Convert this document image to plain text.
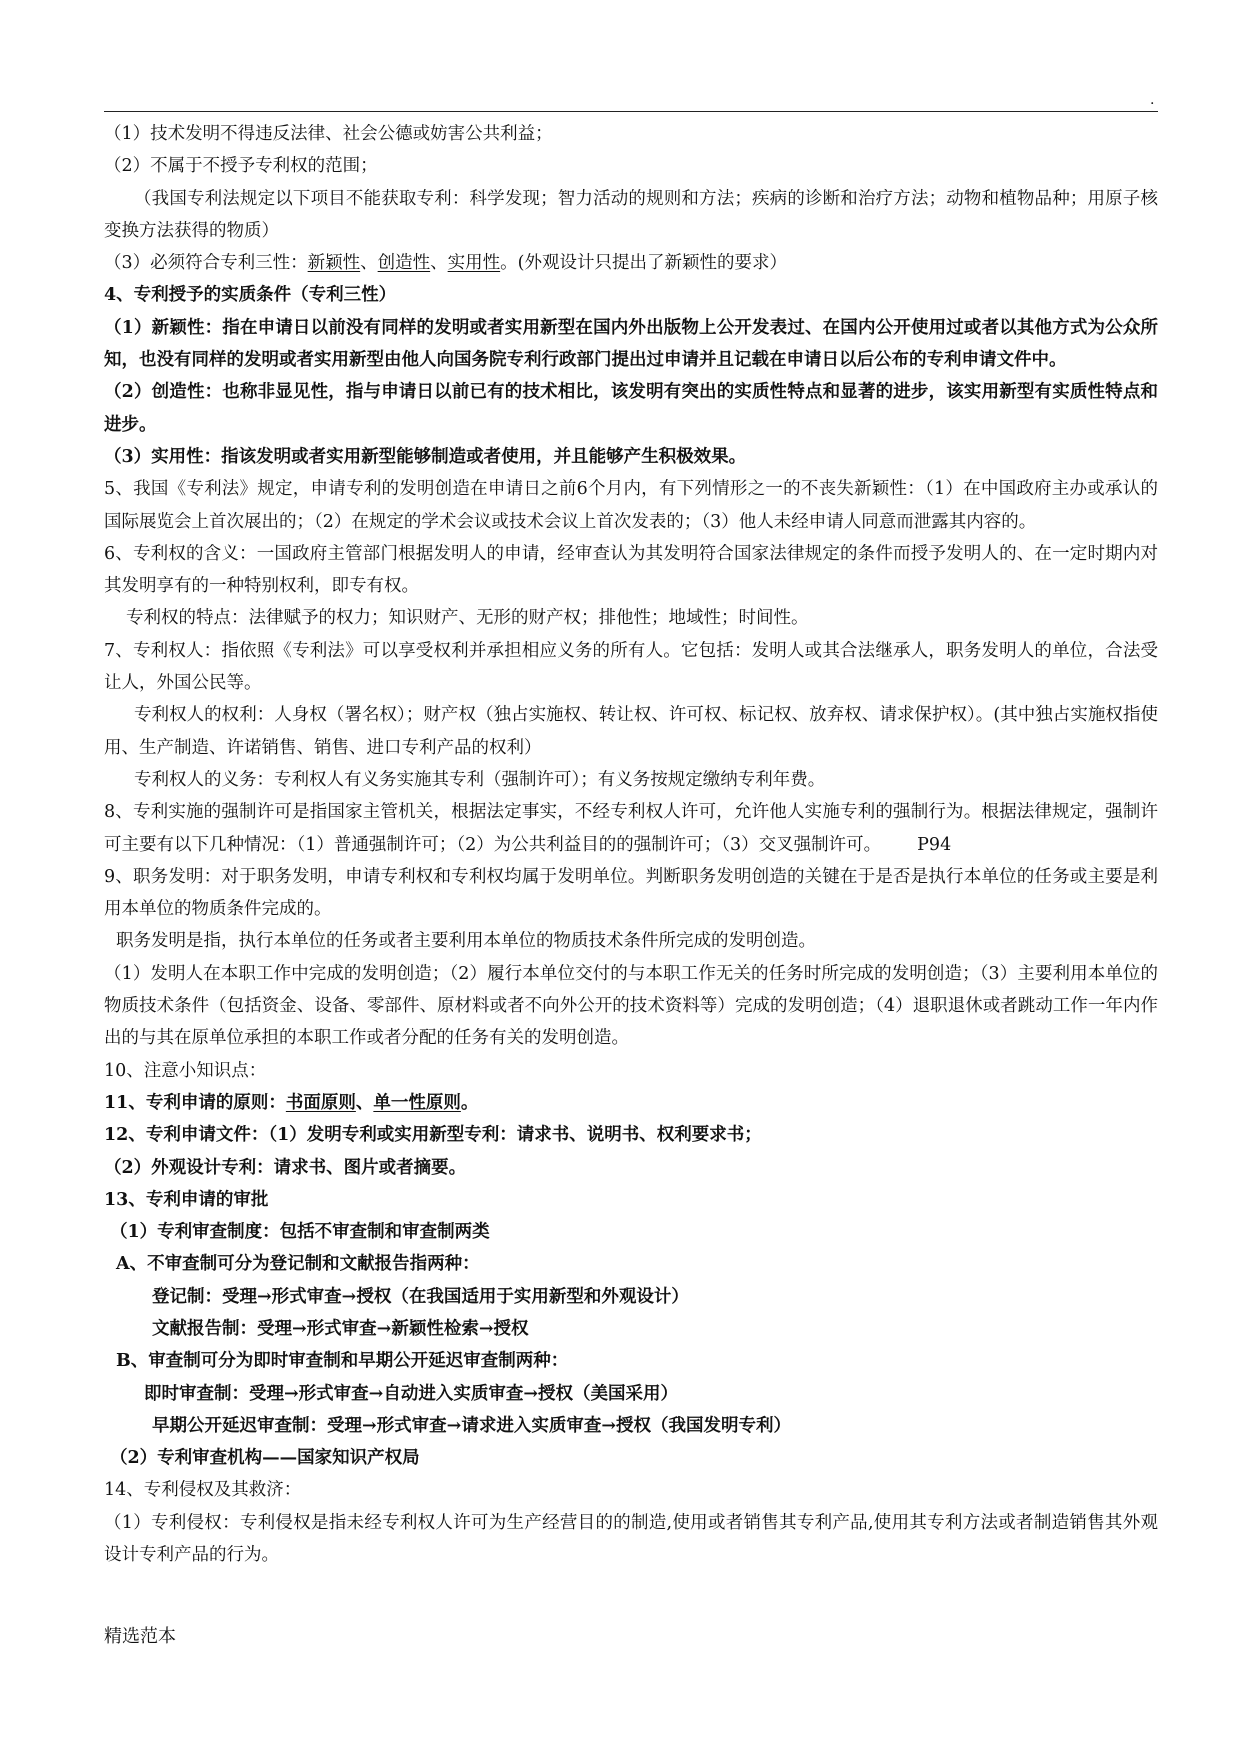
.

（1）技术发明不得违反法律、社会公德或妨害公共利益；

（2）不属于不授予专利权的范围；

（我国专利法规定以下项目不能获取专利：科学发现；智力活动的规则和方法；疾病的诊断和治疗方法；动物和植物品种；用原子核变换方法获得的物质）

（3）必须符合专利三性：新颖性、创造性、实用性。(外观设计只提出了新颖性的要求）

4、专利授予的实质条件（专利三性）

（1）新颖性：指在申请日以前没有同样的发明或者实用新型在国内外出版物上公开发表过、在国内公开使用过或者以其他方式为公众所知，也没有同样的发明或者实用新型由他人向国务院专利行政部门提出过申请并且记载在申请日以后公布的专利申请文件中。

（2）创造性：也称非显见性，指与申请日以前已有的技术相比，该发明有突出的实质性特点和显著的进步，该实用新型有实质性特点和进步。

（3）实用性：指该发明或者实用新型能够制造或者使用，并且能够产生积极效果。

5、我国《专利法》规定，申请专利的发明创造在申请日之前6个月内，有下列情形之一的不丧失新颖性：（1）在中国政府主办或承认的国际展览会上首次展出的；（2）在规定的学术会议或技术会议上首次发表的；（3）他人未经申请人同意而泄露其内容的。

6、专利权的含义：一国政府主管部门根据发明人的申请，经审查认为其发明符合国家法律规定的条件而授予发明人的、在一定时期内对其发明享有的一种特别权利，即专有权。

专利权的特点：法律赋予的权力；知识财产、无形的财产权；排他性；地域性；时间性。

7、专利权人：指依照《专利法》可以享受权利并承担相应义务的所有人。它包括：发明人或其合法继承人，职务发明人的单位，合法受让人，外国公民等。

专利权人的权利：人身权（署名权）；财产权（独占实施权、转让权、许可权、标记权、放弃权、请求保护权）。(其中独占实施权指使用、生产制造、许诺销售、销售、进口专利产品的权利）

专利权人的义务：专利权人有义务实施其专利（强制许可）；有义务按规定缴纳专利年费。

8、专利实施的强制许可是指国家主管机关，根据法定事实，不经专利权人许可，允许他人实施专利的强制行为。根据法律规定，强制许可主要有以下几种情况：（1）普通强制许可；（2）为公共利益目的的强制许可；（3）交叉强制许可。 P94

9、职务发明：对于职务发明，申请专利权和专利权均属于发明单位。判断职务发明创造的关键在于是否是执行本单位的任务或主要是利用本单位的物质条件完成的。

职务发明是指，执行本单位的任务或者主要利用本单位的物质技术条件所完成的发明创造。

（1）发明人在本职工作中完成的发明创造；（2）履行本单位交付的与本职工作无关的任务时所完成的发明创造；（3）主要利用本单位的物质技术条件（包括资金、设备、零部件、原材料或者不向外公开的技术资料等）完成的发明创造；（4）退职退休或者跳动工作一年内作出的与其在原单位承担的本职工作或者分配的任务有关的发明创造。

10、注意小知识点：

11、专利申请的原则：书面原则、单一性原则。

12、专利申请文件：（1）发明专利或实用新型专利：请求书、说明书、权利要求书；

（2）外观设计专利：请求书、图片或者摘要。

13、专利申请的审批

（1）专利审查制度：包括不审查制和审查制两类

A、不审查制可分为登记制和文献报告指两种：

登记制：受理→形式审查→授权（在我国适用于实用新型和外观设计）

文献报告制：受理→形式审查→新颖性检索→授权

B、审查制可分为即时审查制和早期公开延迟审查制两种：

即时审查制：受理→形式审查→自动进入实质审查→授权（美国采用）

早期公开延迟审查制：受理→形式审查→请求进入实质审查→授权（我国发明专利）

（2）专利审查机构——国家知识产权局

14、专利侵权及其救济：

（1）专利侵权：专利侵权是指未经专利权人许可为生产经营目的的制造,使用或者销售其专利产品,使用其专利方法或者制造销售其外观设计专利产品的行为。

精选范本
